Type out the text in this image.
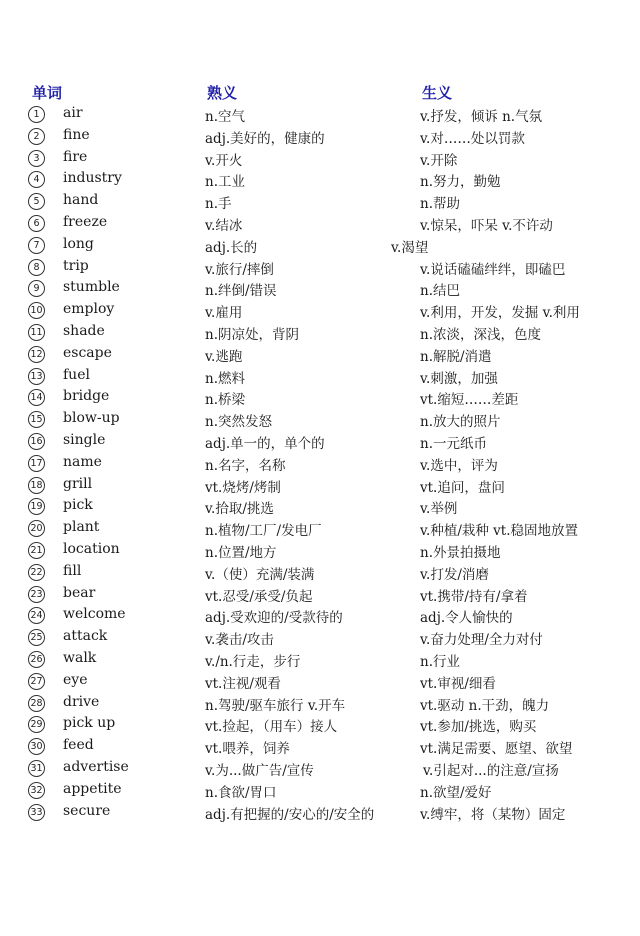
单词	熟义	生义
1	air	n.空气	v.抒发，倾诉 n.气氛
2	fine	adj.美好的，健康的	v.对……处以罚款
3	fire	v.开火	v.开除
4	industry	n.工业	n.努力，勤勉
5	hand	n.手	n.帮助
6	freeze	v.结冰	v.惊呆，吓呆 v.不许动
7	long	adj.长的	v.渴望
8	trip	v.旅行/摔倒	v.说话磕磕绊绊，即磕巴
9	stumble	n.绊倒/错误	n.结巴
10 employ	v.雇用	v.利用，开发，发掘 v.利用
11 shade	n.阴凉处，背阴	n.浓淡，深浅，色度
12 escape	v.逃跑	n.解脱/消遣
13 fuel	n.燃料	v.刺激，加强
14 bridge	n.桥梁	vt.缩短……差距
15 blow-up	n.突然发怒	n.放大的照片
16 single	adj.单一的，单个的	n.一元纸币
17 name	n.名字，名称	v.选中，评为
18 grill	vt.烧烤/烤制	vt.追问，盘问
19 pick	v.拾取/挑选	v.举例
20 plant	n.植物/工厂/发电厂	v.种植/栽种 vt.稳固地放置
21 location	n.位置/地方	n.外景拍摄地
22 fill	v.（使）充满/装满	v.打发/消磨
23 bear	vt.忍受/承受/负起	vt.携带/持有/拿着
24 welcome	adj.受欢迎的/受款待的	adj.令人愉快的
25 attack	v.袭击/攻击	v.奋力处理/全力对付
26 walk	v./n.行走，步行	n.行业
27 eye	vt.注视/观看	vt.审视/细看
28 drive	n.驾驶/驱车旅行 v.开车	vt.驱动 n.干劲，魄力
29 pick up	vt.捡起，（用车）接人	vt.参加/挑选，购买
30 feed	vt.喂养，饲养	vt.满足需要、愿望、欲望
31 advertise	v.为...做广告/宣传	v.引起对...的注意/宣扬
32 appetite	n.食欲/胃口	n.欲望/爱好
33 secure	adj.有把握的/安心的/安全的	v.缚牢，将（某物）固定
